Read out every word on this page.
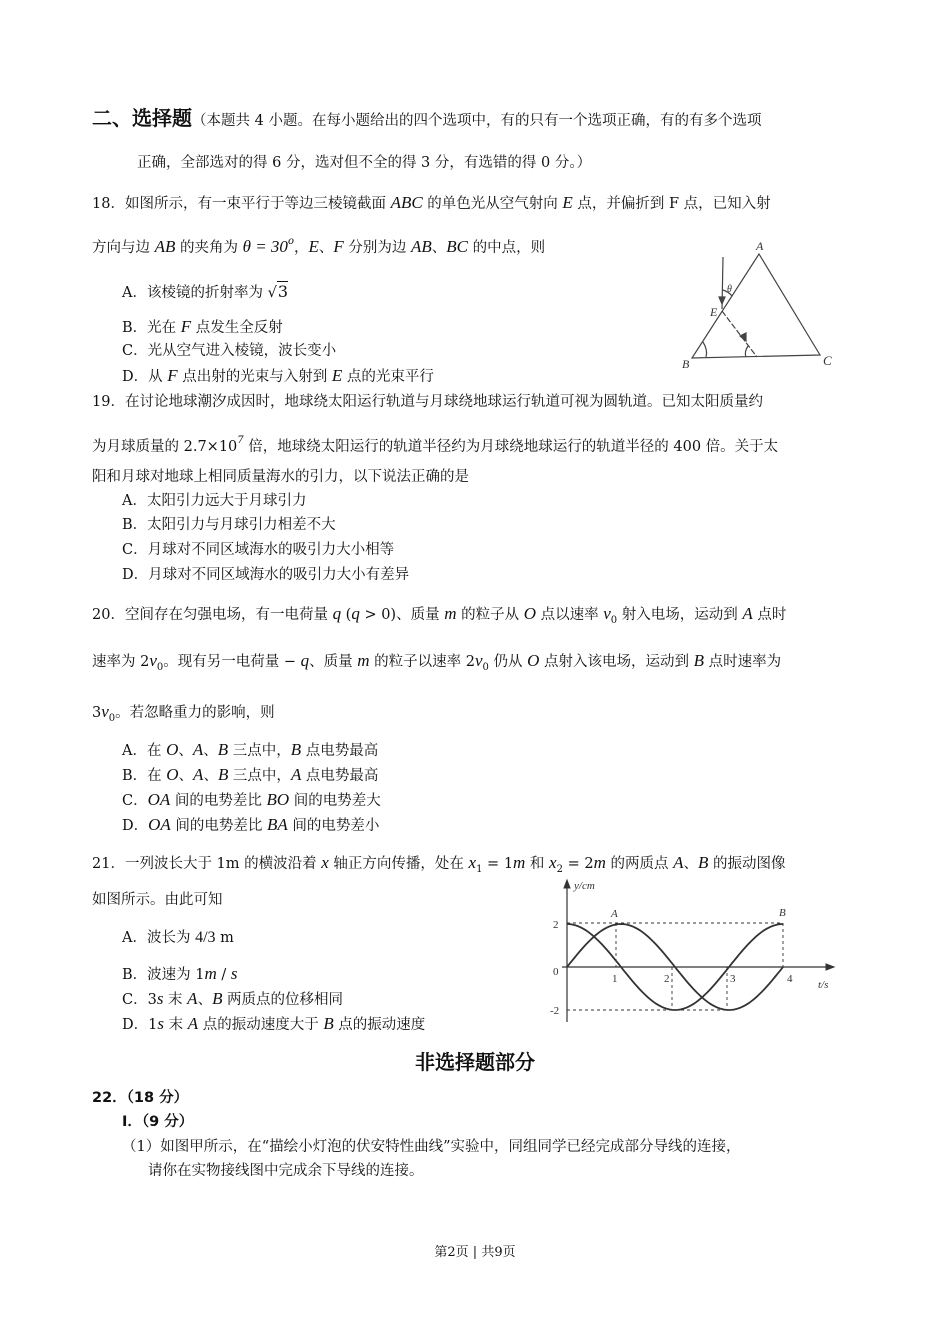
A
B	C
E
θ
y/cm
t/s
2
0
-2
1	2	3	4
A	B
二、选择题（本题共 4 小题。在每小题给出的四个选项中，有的只有一个选项正确，有的有多个选项
正确，全部选对的得 6 分，选对但不全的得 3 分，有选错的得 0 分。）
18．如图所示，有一束平行于等边三棱镜截面 ABC 的单色光从空气射向 E 点，并偏折到 F 点，已知入射
方向与边 AB 的夹角为 $\theta = 30^o$，E、F 分别为边 AB、BC 的中点，则
A．该棱镜的折射率为 √3
B．光在 F 点发生全反射
C．光从空气进入棱镜，波长变小
D．从 F 点出射的光束与入射到 E 点的光束平行
19．在讨论地球潮汐成因时，地球绕太阳运行轨道与月球绕地球运行轨道可视为圆轨道。已知太阳质量约
为月球质量的 $2.7\times 10^7$ 倍，地球绕太阳运行的轨道半径约为月球绕地球运行的轨道半径的 400 倍。关于太
阳和月球对地球上相同质量海水的引力，以下说法正确的是
A．太阳引力远大于月球引力
B．太阳引力与月球引力相差不大
C．月球对不同区域海水的吸引力大小相等
D．月球对不同区域海水的吸引力大小有差异
20．空间存在匀强电场，有一电荷量 q (q > 0)、质量 m 的粒子从 O 点以速率 $v_0$ 射入电场，运动到 A 点时
速率为 $2v_0$。现有另一电荷量 − q、质量 m 的粒子以速率 $2v_0$ 仍从 O 点射入该电场，运动到 B 点时速率为
$3v_0$。若忽略重力的影响，则
A．在 O、A、B 三点中，B 点电势最高
B．在 O、A、B 三点中，A 点电势最高
C．OA 间的电势差比 BO 间的电势差大
D．OA 间的电势差比 BA 间的电势差小
21．一列波长大于 1m 的横波沿着 x 轴正方向传播，处在 $x_1 = 1m$ 和 $x_2 = 2m$ 的两质点 A、B 的振动图像
如图所示。由此可知
A．波长为 4/3 m
B．波速为 1m / s
C．3s 末 A、B 两质点的位移相同
D．1s 末 A 点的振动速度大于 B 点的振动速度
非选择题部分
22．（18 分）
Ⅰ．（9 分）
（1）如图甲所示，在“描绘小灯泡的伏安特性曲线”实验中，同组同学已经完成部分导线的连接，
请你在实物接线图中完成余下导线的连接。
第2页 | 共9页
